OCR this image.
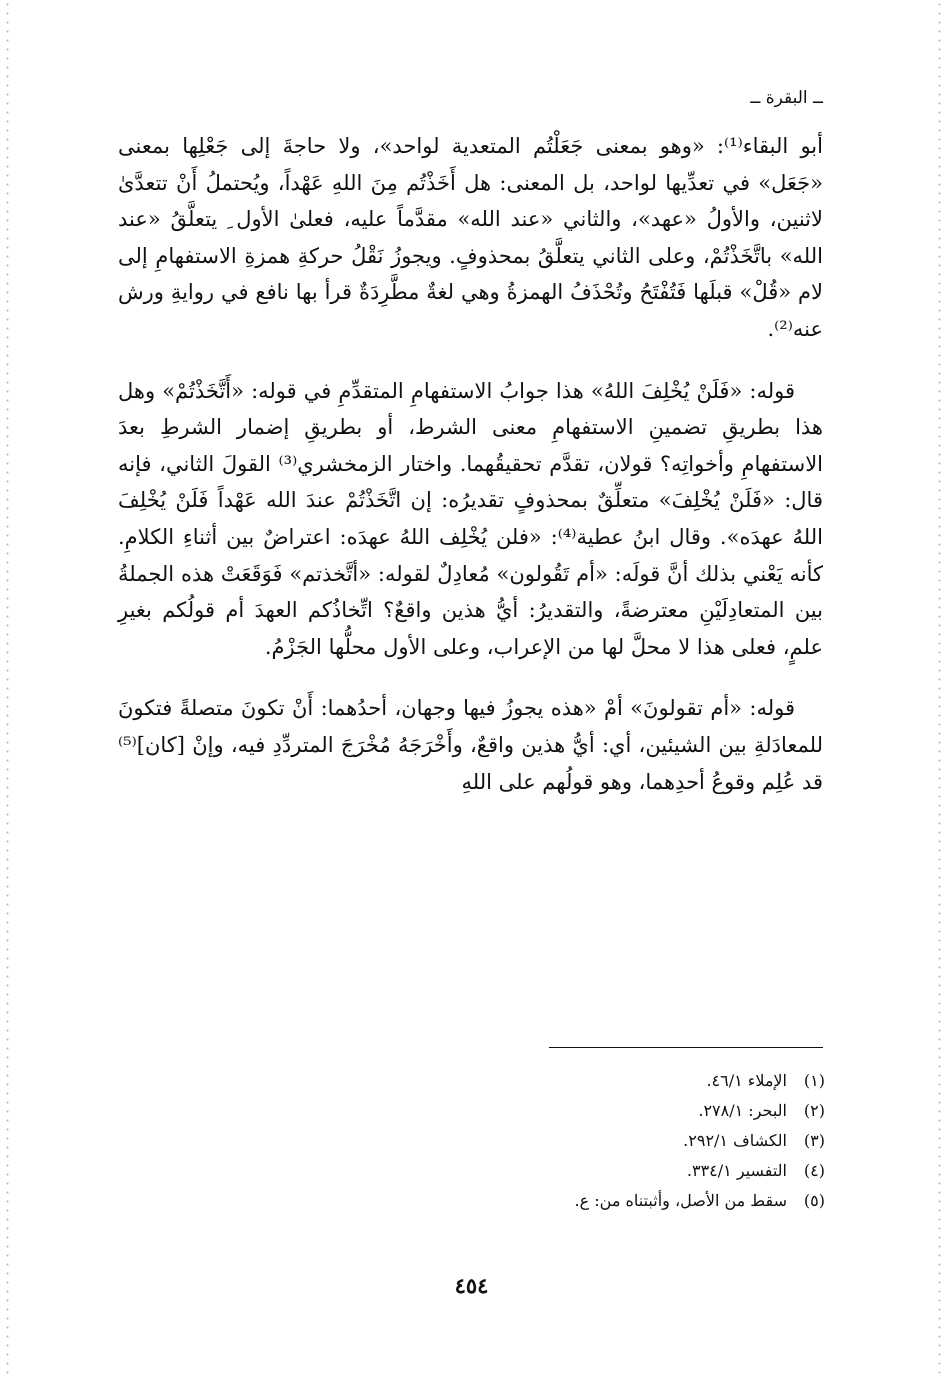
ــ البقرة ــ

أبو البقاء⁽¹⁾: «وهو بمعنى جَعَلْتُم المتعدية لواحد»، ولا حاجةَ إلى جَعْلِها بمعنى «جَعَل» في تعدِّيها لواحد، بل المعنى: هل أَخَذْتُم مِنَ اللهِ عَهْداً، ويُحتملُ أَنْ تتعدَّىٰ لاثنين، والأولُ «عهد»، والثاني «عند الله» مقدَّماً عليه، فعلىٰ الأول ِ يتعلَّقُ «عند الله» باتَّخَذْتُمْ، وعلى الثاني يتعلَّقُ بمحذوفٍ. ويجوزُ نَقْلُ حركةِ همزةِ الاستفهامِ إلى لام «قُلْ» قبلَها فَتُفْتَحُ وتُحْذَفُ الهمزةُ وهي لغةٌ مطَّرِدَةٌ قرأ بها نافع في روايةِ ورش عنه⁽²⁾.

قوله: «فَلَنْ يُخْلِفَ اللهُ» هذا جوابُ الاستفهامِ المتقدِّمِ في قوله: «أَتَّخَذْتُمْ» وهل هذا بطريقِ تضمينِ الاستفهامِ معنى الشرط، أو بطريقِ إضمار الشرطِ بعدَ الاستفهامِ وأخواتِه؟ قولان، تقدَّم تحقيقُهما. واختار الزمخشري⁽³⁾ القولَ الثاني، فإنه قال: «فَلَنْ يُخْلِفَ» متعلِّقٌ بمحذوفٍ تقديرُه: إن اتَّخَذْتُمْ عندَ الله عَهْداً فَلَنْ يُخْلِفَ اللهُ عهدَه». وقال ابنُ عطية⁽⁴⁾: «فلن يُخْلِف اللهُ عهدَه: اعتراضٌ بين أثناءِ الكلامِ. كأنه يَعْني بذلك أنَّ قولَه: «أم تَقُولون» مُعادِلٌ لقوله: «أتَّخذتم» فَوَقَعَتْ هذه الجملةُ بين المتعادِلَيْنِ معترضةً، والتقديرُ: أيُّ هذين واقعٌ؟ اتِّخاذُكم العهدَ أم قولُكم بغيرِ علمٍ، فعلى هذا لا محلَّ لها من الإعراب، وعلى الأول محلُّها الجَزْمُ.

قوله: «أم تقولونَ» أمْ «هذه يجوزُ فيها وجهان، أحدُهما: أَنْ تكونَ متصلةً فتكونَ للمعادَلةِ بين الشيئين، أي: أيُّ هذين واقعٌ، وأَخْرَجَهُ مُخْرَجَ المتردِّدِ فيه، وإنْ [كان]⁽⁵⁾ قد عُلِم وقوعُ أحدِهما، وهو قولُهم على اللهِ

(١)
الإملاء ٤٦/١.
(٢)
البحر: ٢٧٨/١.
(٣)
الكشاف ٢٩٢/١.
(٤)
التفسير ٣٣٤/١.
(٥)
سقط من الأصل، وأثبتناه من: ع.
٤٥٤
